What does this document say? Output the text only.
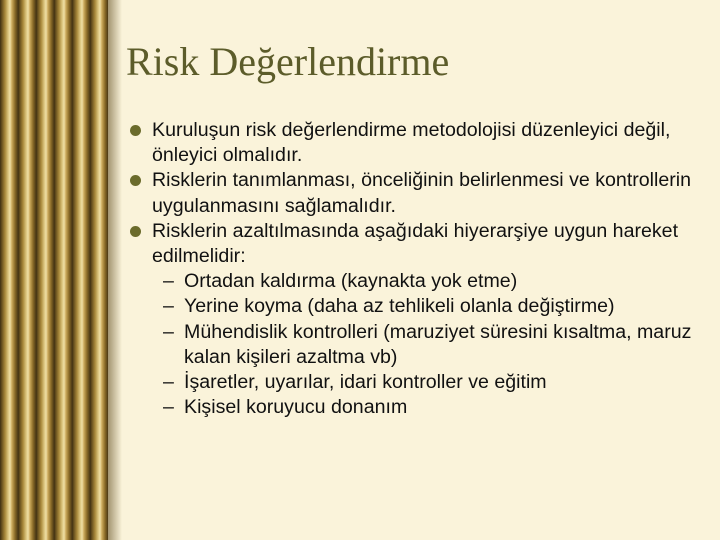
Risk Değerlendirme
Kuruluşun risk değerlendirme metodolojisi düzenleyici değil, önleyici olmalıdır.
Risklerin tanımlanması, önceliğinin belirlenmesi ve kontrollerin uygulanmasını sağlamalıdır.
Risklerin azaltılmasında aşağıdaki hiyerarşiye uygun hareket edilmelidir:
– Ortadan kaldırma (kaynakta yok etme)
– Yerine koyma (daha az tehlikeli olanla değiştirme)
– Mühendislik kontrolleri (maruziyet süresini kısaltma, maruz kalan kişileri azaltma vb)
– İşaretler, uyarılar, idari kontroller ve eğitim
– Kişisel koruyucu donanım
